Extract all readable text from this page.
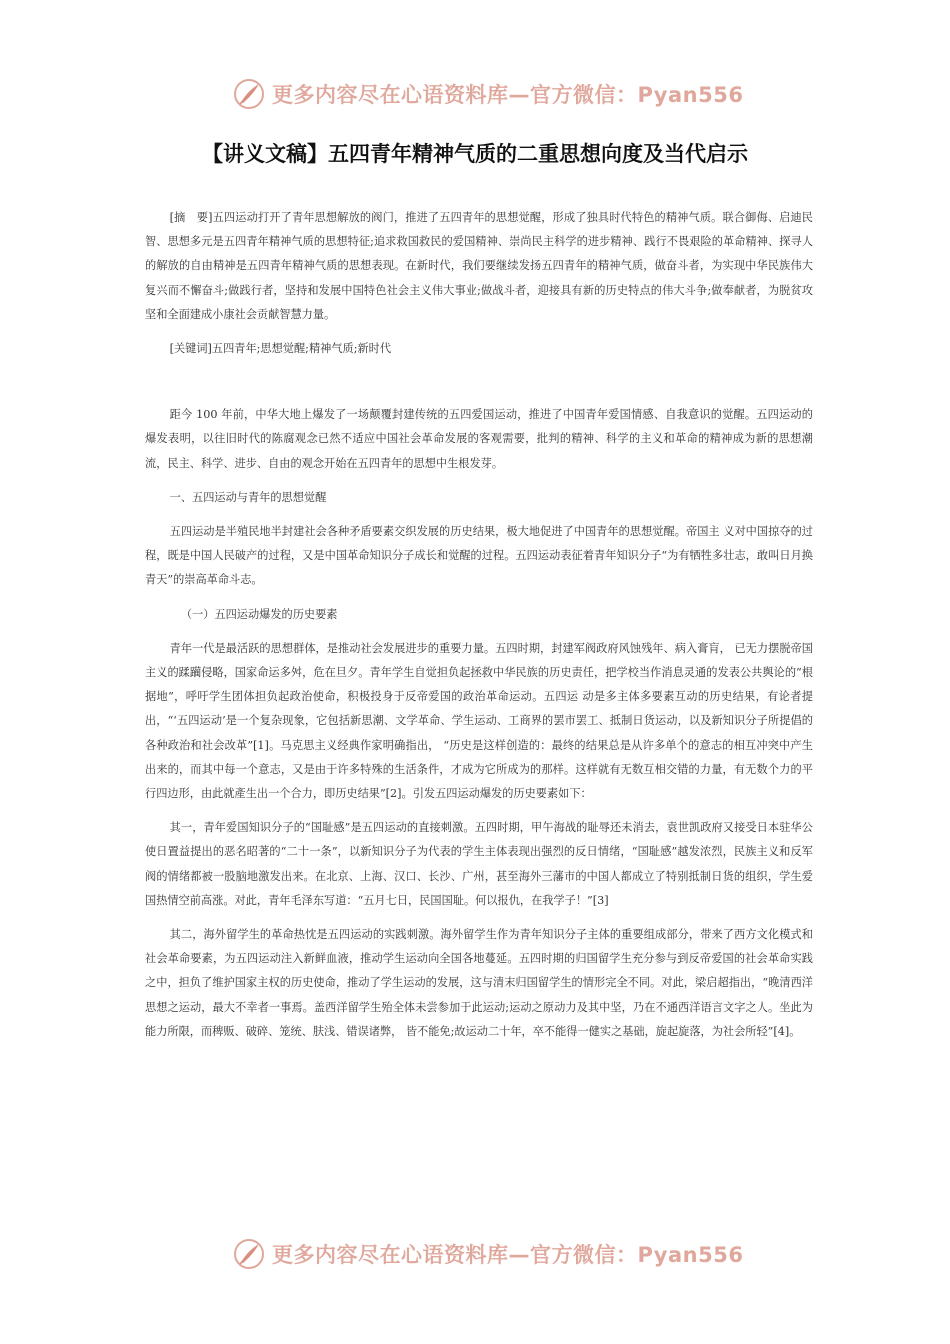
更多内容尽在心语资料库—官方微信：Pyan556
【讲义文稿】五四青年精神气质的二重思想向度及当代启示

[摘　要]五四运动打开了青年思想解放的阀门，推进了五四青年的思想觉醒，形成了独具时代特色的精神气质。联合御侮、启迪民智、思想多元是五四青年精神气质的思想特征;追求救国救民的爱国精神、崇尚民主科学的进步精神、践行不畏艰险的革命精神、探寻人的解放的自由精神是五四青年精神气质的思想表现。在新时代，我们要继续发扬五四青年的精神气质，做奋斗者，为实现中华民族伟大复兴而不懈奋斗;做践行者，坚持和发展中国特色社会主义伟大事业;做战斗者，迎接具有新的历史特点的伟大斗争;做奉献者，为脱贫攻坚和全面建成小康社会贡献智慧力量。

[关键词]五四青年;思想觉醒;精神气质;新时代

距今 100 年前，中华大地上爆发了一场颠覆封建传统的五四爱国运动，推进了中国青年爱国情感、自我意识的觉醒。五四运动的爆发表明，以往旧时代的陈腐观念已然不适应中国社会革命发展的客观需要，批判的精神、科学的主义和革命的精神成为新的思想潮流，民主、科学、进步、自由的观念开始在五四青年的思想中生根发芽。

一、五四运动与青年的思想觉醒

五四运动是半殖民地半封建社会各种矛盾要素交织发展的历史结果，极大地促进了中国青年的思想觉醒。帝国主 义对中国掠夺的过程，既是中国人民破产的过程，又是中国革命知识分子成长和觉醒的过程。五四运动表征着青年知识分子“为有牺牲多壮志，敢叫日月换青天”的崇高革命斗志。

（一）五四运动爆发的历史要素

青年一代是最活跃的思想群体，是推动社会发展进步的重要力量。五四时期，封建军阀政府风蚀残年、病入膏肓， 已无力摆脱帝国主义的蹂躏侵略，国家命运多舛，危在旦夕。青年学生自觉担负起拯救中华民族的历史责任，把学校当作消息灵通的发表公共舆论的“根据地”，呼吁学生团体担负起政治使命，积极投身于反帝爱国的政治革命运动。五四运 动是多主体多要素互动的历史结果，有论者提出，“‘五四运动’是一个复杂现象，它包括新思潮、文学革命、学生运动、工商界的罢市罢工、抵制日货运动，以及新知识分子所提倡的各种政治和社会改革”[1]。马克思主义经典作家明确指出， “历史是这样创造的：最终的结果总是从许多单个的意志的相互冲突中产生出来的，而其中每一个意志，又是由于许多特殊的生活条件，才成为它所成为的那样。这样就有无数互相交错的力量，有无数个力的平行四边形，由此就產生出一个合力，即历史结果”[2]。引发五四运动爆发的历史要素如下：

其一，青年爱国知识分子的“国耻感”是五四运动的直接刺激。五四时期，甲午海战的耻辱还未消去，袁世凯政府又接受日本驻华公使日置益提出的恶名昭著的“二十一条”，以新知识分子为代表的学生主体表现出强烈的反日情绪，“国耻感”越发浓烈，民族主义和反军阀的情绪都被一股脑地激发出来。在北京、上海、汉口、长沙、广州，甚至海外三藩市的中国人都成立了特别抵制日货的组织，学生爱国热情空前高涨。对此，青年毛泽东写道：“五月七日，民国国耻。何以报仇，在我学子！”[3]

其二，海外留学生的革命热忱是五四运动的实践刺激。海外留学生作为青年知识分子主体的重要组成部分，带来了西方文化模式和社会革命要素，为五四运动注入新鲜血液，推动学生运动向全国各地蔓延。五四时期的归国留学生充分参与到反帝爱国的社会革命实践之中，担负了维护国家主权的历史使命，推动了学生运动的发展，这与清末归国留学生的情形完全不同。对此，梁启超指出，“晚清西洋思想之运动，最大不幸者一事焉。盖西洋留学生殆全体未尝参加于此运动;运动之原动力及其中坚，乃在不通西洋语言文字之人。坐此为能力所限，而稗贩、破碎、笼统、肤浅、错误诸弊， 皆不能免;故运动二十年，卒不能得一健实之基础，旋起旋落，为社会所轻”[4]。

更多内容尽在心语资料库—官方微信：Pyan556
